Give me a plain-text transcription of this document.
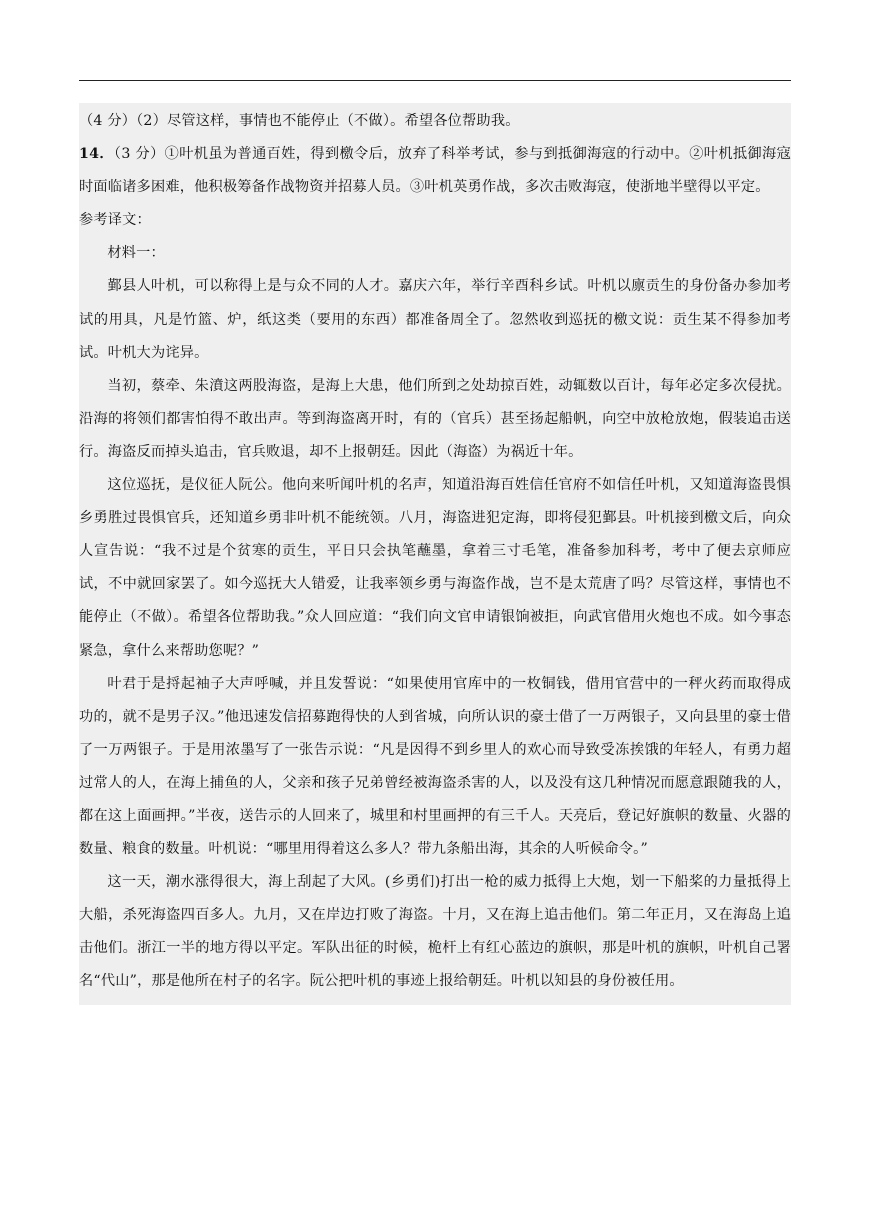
（4 分）（2）尽管这样，事情也不能停止（不做）。希望各位帮助我。

14．（3 分）①叶机虽为普通百姓，得到檄令后，放弃了科举考试，参与到抵御海寇的行动中。②叶机抵御海寇时面临诸多困难，他积极筹备作战物资并招募人员。③叶机英勇作战，多次击败海寇，使浙地半壁得以平定。

参考译文：

材料一：

鄞县人叶机，可以称得上是与众不同的人才。嘉庆六年，举行辛酉科乡试。叶机以廪贡生的身份备办参加考试的用具，凡是竹篮、炉，纸这类（要用的东西）都准备周全了。忽然收到巡抚的檄文说：贡生某不得参加考试。叶机大为诧异。

当初，蔡牵、朱濆这两股海盗，是海上大患，他们所到之处劫掠百姓，动辄数以百计，每年必定多次侵扰。沿海的将领们都害怕得不敢出声。等到海盗离开时，有的（官兵）甚至扬起船帆，向空中放枪放炮，假装追击送行。海盗反而掉头追击，官兵败退，却不上报朝廷。因此（海盗）为祸近十年。

这位巡抚，是仪征人阮公。他向来听闻叶机的名声，知道沿海百姓信任官府不如信任叶机，又知道海盗畏惧乡勇胜过畏惧官兵，还知道乡勇非叶机不能统领。八月，海盗进犯定海，即将侵犯鄞县。叶机接到檄文后，向众人宣告说：“我不过是个贫寒的贡生，平日只会执笔蘸墨，拿着三寸毛笔，准备参加科考，考中了便去京师应试，不中就回家罢了。如今巡抚大人错爱，让我率领乡勇与海盗作战，岂不是太荒唐了吗？尽管这样，事情也不能停止（不做）。希望各位帮助我。”众人回应道：“我们向文官申请银饷被拒，向武官借用火炮也不成。如今事态紧急，拿什么来帮助您呢？”

叶君于是捋起袖子大声呼喊，并且发誓说：“如果使用官库中的一枚铜钱，借用官营中的一秤火药而取得成功的，就不是男子汉。”他迅速发信招募跑得快的人到省城，向所认识的豪士借了一万两银子，又向县里的豪士借了一万两银子。于是用浓墨写了一张告示说：“凡是因得不到乡里人的欢心而导致受冻挨饿的年轻人，有勇力超过常人的人，在海上捕鱼的人，父亲和孩子兄弟曾经被海盗杀害的人，以及没有这几种情况而愿意跟随我的人，都在这上面画押。”半夜，送告示的人回来了，城里和村里画押的有三千人。天亮后，登记好旗帜的数量、火器的数量、粮食的数量。叶机说：“哪里用得着这么多人？带九条船出海，其余的人听候命令。”

这一天，潮水涨得很大，海上刮起了大风。(乡勇们)打出一枪的威力抵得上大炮，划一下船桨的力量抵得上大船，杀死海盗四百多人。九月，又在岸边打败了海盗。十月，又在海上追击他们。第二年正月，又在海岛上追击他们。浙江一半的地方得以平定。军队出征的时候，桅杆上有红心蓝边的旗帜，那是叶机的旗帜，叶机自己署名“代山”，那是他所在村子的名字。阮公把叶机的事迹上报给朝廷。叶机以知县的身份被任用。
